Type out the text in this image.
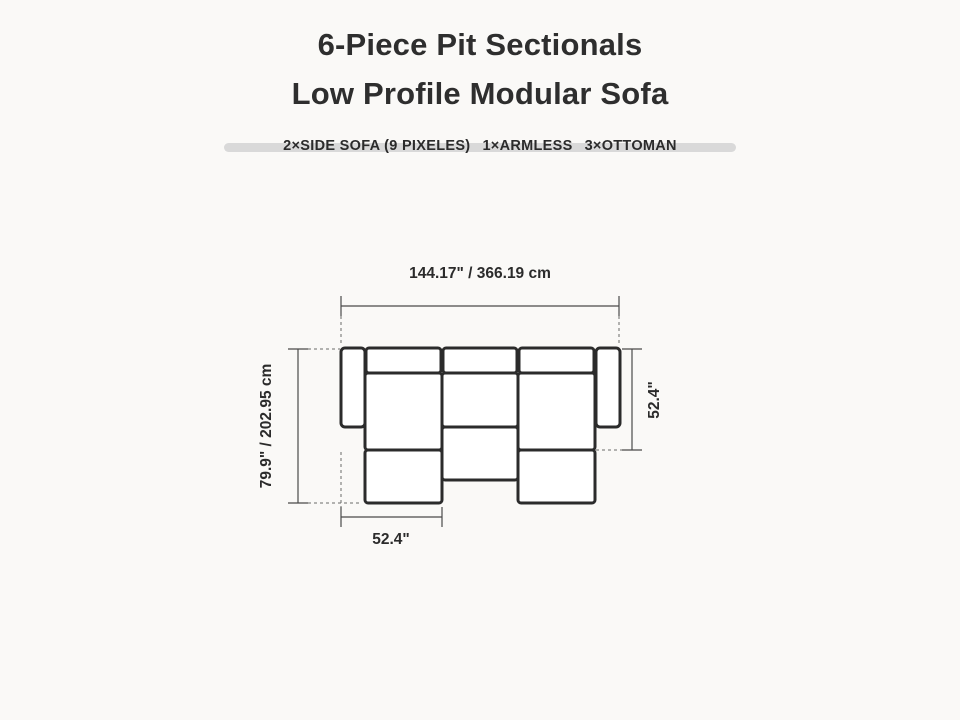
6-Piece Pit Sectionals
Low Profile Modular Sofa
2×SIDE SOFA (9 PIXELES) 1×ARMLESS 3×OTTOMAN
144.17" / 366.19 cm
79.9" / 202.95 cm	52.4"
52.4"
